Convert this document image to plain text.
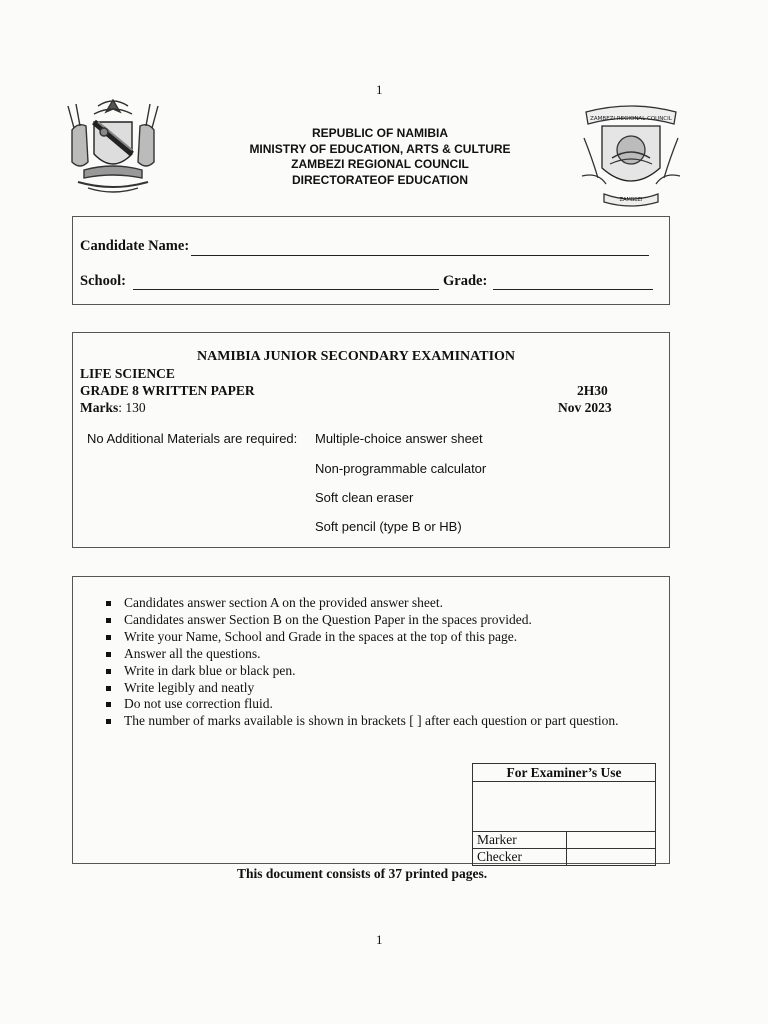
1
ZAMBEZI REGIONAL COUNCIL
ZAMBEZI
REPUBLIC OF NAMIBIA
MINISTRY OF EDUCATION, ARTS & CULTURE
ZAMBEZI REGIONAL COUNCIL
DIRECTORATEOF EDUCATION
Candidate Name:
School:	Grade:
NAMIBIA JUNIOR SECONDARY EXAMINATION
LIFE SCIENCE
GRADE 8 WRITTEN PAPER
Marks: 130
2H30
Nov 2023
No Additional Materials are required: Multiple-choice answer sheet
Non-programmable calculator
Soft clean eraser
Soft pencil (type B or HB)
Candidates answer section A on the provided answer sheet.
Candidates answer Section B on the Question Paper in the spaces provided.
Write your Name, School and Grade in the spaces at the top of this page.
Answer all the questions.
Write in dark blue or black pen.
Write legibly and neatly
Do not use correction fluid.
The number of marks available is shown in brackets [ ] after each question or part question.
For Examiner’s Use	

Marker	
Checker	
This document consists of 37 printed pages.
1
